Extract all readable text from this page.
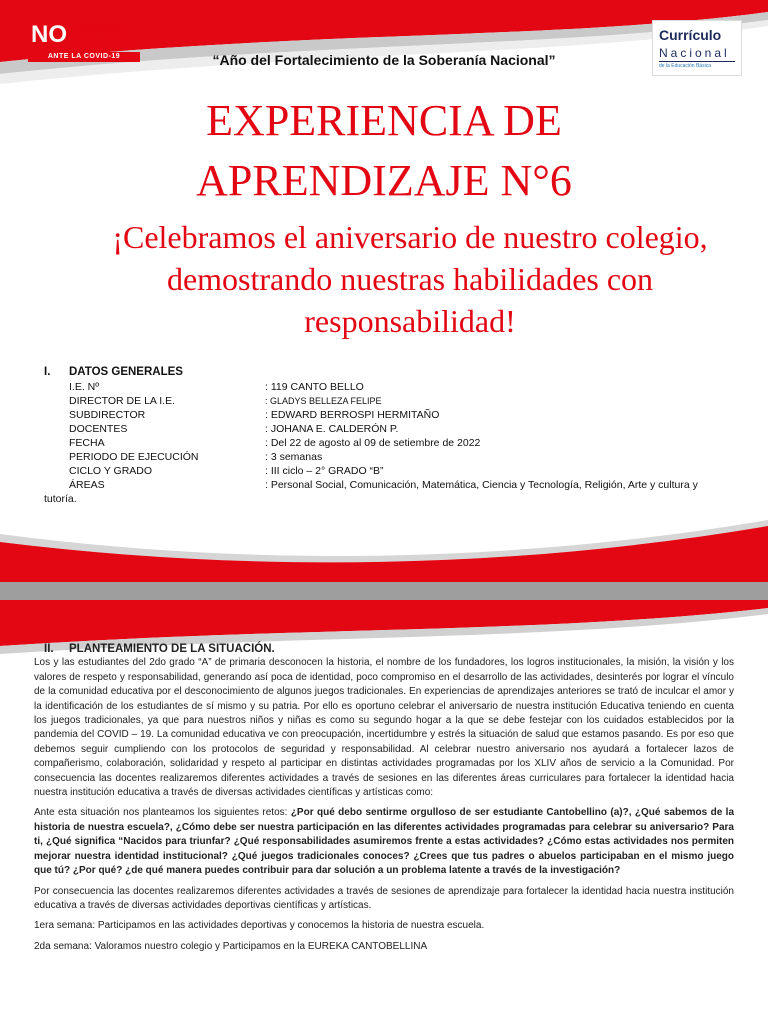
NO bajemos
la guardia
ANTE LA COVID-19
Currículo
Nacional
de la Educación Básica
“Año del Fortalecimiento de la Soberanía Nacional”
EXPERIENCIA DE
APRENDIZAJE N°6
¡Celebramos el aniversario de nuestro colegio, demostrando nuestras habilidades con responsabilidad!
I. DATOS GENERALES
I.E. Nº	: 119 CANTO BELLO
DIRECTOR DE LA I.E.	: GLADYS BELLEZA FELIPE
SUBDIRECTOR	: EDWARD BERROSPI HERMITAÑO
DOCENTES	: JOHANA E. CALDERÓN P.
FECHA	: Del 22 de agosto al 09 de setiembre de 2022
PERIODO DE EJECUCIÓN	: 3 semanas
CICLO Y GRADO	: III ciclo – 2° GRADO “B”
ÁREAS	: Personal Social, Comunicación, Matemática, Ciencia y Tecnología, Religión, Arte y cultura y
tutoría.
II. PLANTEAMIENTO DE LA SITUACIÓN.

Los y las estudiantes del 2do grado “A” de primaria desconocen la historia, el nombre de los fundadores, los logros institucionales, la misión, la visión y los valores de respeto y responsabilidad, generando así poca de identidad, poco compromiso en el desarrollo de las actividades, desinterés por lograr el vínculo de la comunidad educativa por el desconocimiento de algunos juegos tradicionales. En experiencias de aprendizajes anteriores se trató de inculcar el amor y la identificación de los estudiantes de sí mismo y su patria. Por ello es oportuno celebrar el aniversario de nuestra institución Educativa teniendo en cuenta los juegos tradicionales, ya que para nuestros niños y niñas es como su segundo hogar a la que se debe festejar con los cuidados establecidos por la pandemia del COVID – 19. La comunidad educativa ve con preocupación, incertidumbre y estrés la situación de salud que estamos pasando. Es por eso que debemos seguir cumpliendo con los protocolos de seguridad y responsabilidad. Al celebrar nuestro aniversario nos ayudará a fortalecer lazos de compañerismo, colaboración, solidaridad y respeto al participar en distintas actividades programadas por los XLIV años de servicio a la Comunidad. Por consecuencia las docentes realizaremos diferentes actividades a través de sesiones en las diferentes áreas curriculares para fortalecer la identidad hacia nuestra institución educativa a través de diversas actividades científicas y artísticas como:

Ante esta situación nos planteamos los siguientes retos: ¿Por qué debo sentirme orgulloso de ser estudiante Cantobellino (a)?, ¿Qué sabemos de la historia de nuestra escuela?, ¿Cómo debe ser nuestra participación en las diferentes actividades programadas para celebrar su aniversario? Para ti, ¿Qué significa “Nacidos para triunfar? ¿Qué responsabilidades asumiremos frente a estas actividades? ¿Cómo estas actividades nos permiten mejorar nuestra identidad institucional? ¿Qué juegos tradicionales conoces? ¿Crees que tus padres o abuelos participaban en el mismo juego que tú? ¿Por qué? ¿de qué manera puedes contribuir para dar solución a un problema latente a través de la investigación?

Por consecuencia las docentes realizaremos diferentes actividades a través de sesiones de aprendizaje para fortalecer la identidad hacia nuestra institución educativa a través de diversas actividades deportivas científicas y artísticas.

1era semana: Participamos en las actividades deportivas y conocemos la historia de nuestra escuela.

2da semana: Valoramos nuestro colegio y Participamos en la EUREKA CANTOBELLINA
